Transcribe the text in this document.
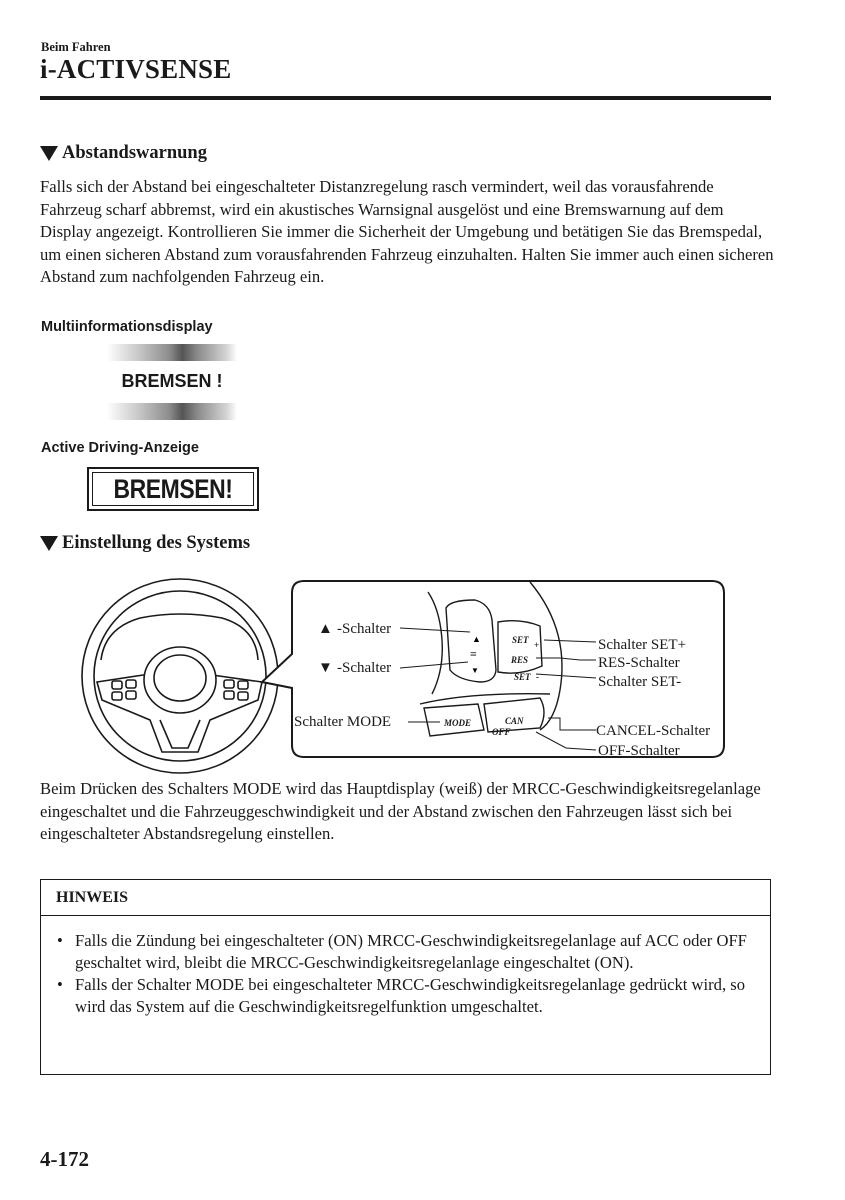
Beim Fahren
i-ACTIVSENSE
Abstandswarnung
Falls sich der Abstand bei eingeschalteter Distanzregelung rasch vermindert, weil das vorausfahrende Fahrzeug scharf abbremst, wird ein akustisches Warnsignal ausgelöst und eine Bremswarnung auf dem Display angezeigt. Kontrollieren Sie immer die Sicherheit der Umgebung und betätigen Sie das Bremspedal, um einen sicheren Abstand zum vorausfahrenden Fahrzeug einzuhalten. Halten Sie immer auch einen sicheren Abstand zum nachfolgenden Fahrzeug ein.
Multiinformationsdisplay
BREMSEN !
Active Driving-Anzeige
BREMSEN!
Einstellung des Systems
▲
≡
▼
SET +
RES
SET -
MODE	CAN
OFF
▲ -Schalter
▼ -Schalter
Schalter MODE
Schalter SET+
RES-Schalter
Schalter SET-
CANCEL-Schalter
OFF-Schalter
Beim Drücken des Schalters MODE wird das Hauptdisplay (weiß) der MRCC-Geschwindigkeitsregelanlage eingeschaltet und die Fahrzeuggeschwindigkeit und der Abstand zwischen den Fahrzeugen lässt sich bei eingeschalteter Abstandsregelung einstellen.
HINWEIS
• Falls die Zündung bei eingeschalteter (ON) MRCC-Geschwindigkeitsregelanlage auf ACC oder OFF geschaltet wird, bleibt die MRCC-Geschwindigkeitsregelanlage eingeschaltet (ON).
• Falls der Schalter MODE bei eingeschalteter MRCC-Geschwindigkeitsregelanlage gedrückt wird, so wird das System auf die Geschwindigkeitsregelfunktion umgeschaltet.
4-172
